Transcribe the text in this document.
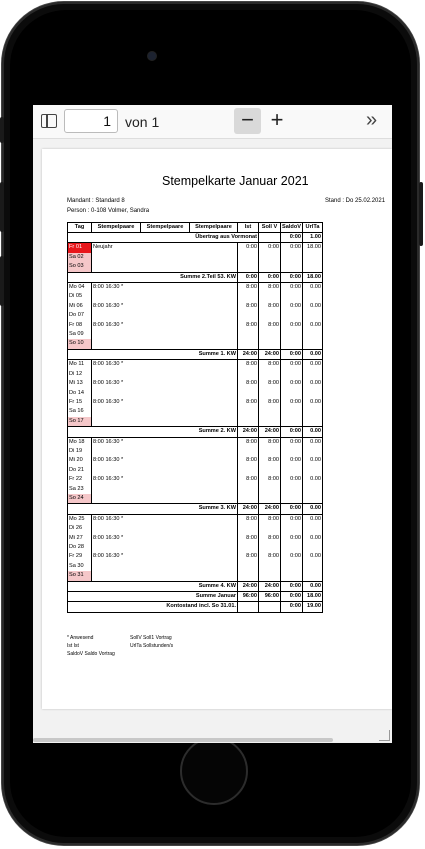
1	von 1	− +	»
Stempelkarte Januar 2021
Mandant : Standard 8	Stand : Do 25.02.2021
Person : 0-108 Volmer, Sandra
Tag	Stempelpaare	Stempelpaare	Stempelpaare	Ist	Soll V	SaldoV	UrlTa
Übertrag aus Vormonat						0:00	1.00
Fr 01	Neujahr			0:00	0:00	0:00	18.00
Sa 02							
So 03							
Summe 2.Teil 53. KW				0:00	0:00	0:00	18.00
Mo 04	8:00 16:30 *			8:00	8:00	0:00	0.00
Di 05							
Mi 06	8:00 16:30 *			8:00	8:00	0:00	0.00
Do 07							
Fr 08	8:00 16:30 *			8:00	8:00	0:00	0.00
Sa 09							
So 10							
Summe 1. KW				24:00	24:00	0:00	0.00
Mo 11	8:00 16:30 *			8:00	8:00	0:00	0.00
Di 12							
Mi 13	8:00 16:30 *			8:00	8:00	0:00	0.00
Do 14							
Fr 15	8:00 16:30 *			8:00	8:00	0:00	0.00
Sa 16							
So 17							
Summe 2. KW				24:00	24:00	0:00	0.00
Mo 18	8:00 16:30 *			8:00	8:00	0:00	0.00
Di 19							
Mi 20	8:00 16:30 *			8:00	8:00	0:00	0.00
Do 21							
Fr 22	8:00 16:30 *			8:00	8:00	0:00	0.00
Sa 23							
So 24							
Summe 3. KW				24:00	24:00	0:00	0.00
Mo 25	8:00 16:30 *			8:00	8:00	0:00	0.00
Di 26							
Mi 27	8:00 16:30 *			8:00	8:00	0:00	0.00
Do 28							
Fr 29	8:00 16:30 *			8:00	8:00	0:00	0.00
Sa 30							
So 31							
Summe 4. KW				24:00	24:00	0:00	0.00
Summe Januar				96:00	96:00	0:00	18.00
Kontostand incl. So 31.01.						0:00	19.00
* Anwesend	SollV Soll1 Vortrag
Ist Ist	UrlTa Sollstunden/s
SaldoV Saldo Vortrag
